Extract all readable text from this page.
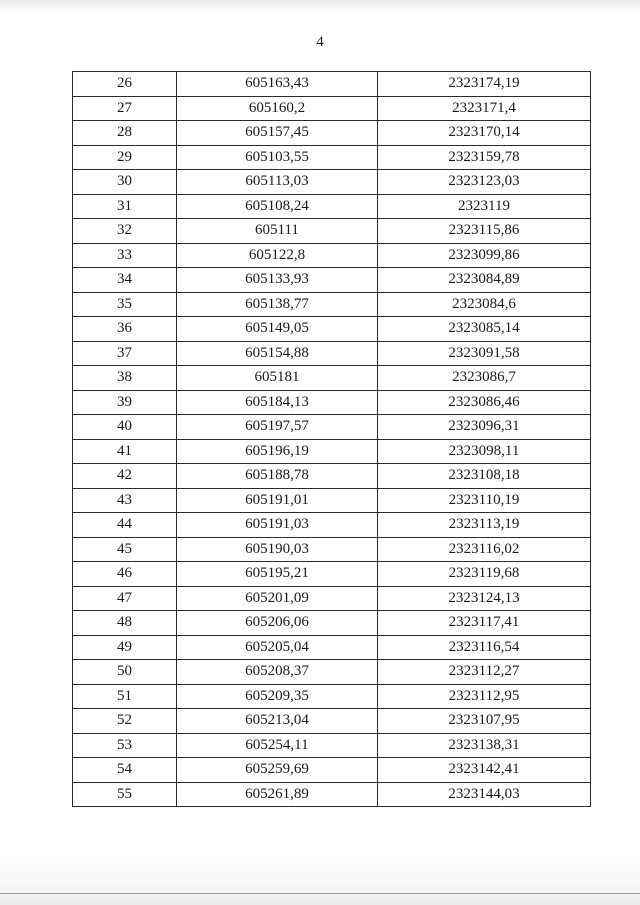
4
26	605163,43	2323174,19
27	605160,2	2323171,4
28	605157,45	2323170,14
29	605103,55	2323159,78
30	605113,03	2323123,03
31	605108,24	2323119
32	605111	2323115,86
33	605122,8	2323099,86
34	605133,93	2323084,89
35	605138,77	2323084,6
36	605149,05	2323085,14
37	605154,88	2323091,58
38	605181	2323086,7
39	605184,13	2323086,46
40	605197,57	2323096,31
41	605196,19	2323098,11
42	605188,78	2323108,18
43	605191,01	2323110,19
44	605191,03	2323113,19
45	605190,03	2323116,02
46	605195,21	2323119,68
47	605201,09	2323124,13
48	605206,06	2323117,41
49	605205,04	2323116,54
50	605208,37	2323112,27
51	605209,35	2323112,95
52	605213,04	2323107,95
53	605254,11	2323138,31
54	605259,69	2323142,41
55	605261,89	2323144,03
